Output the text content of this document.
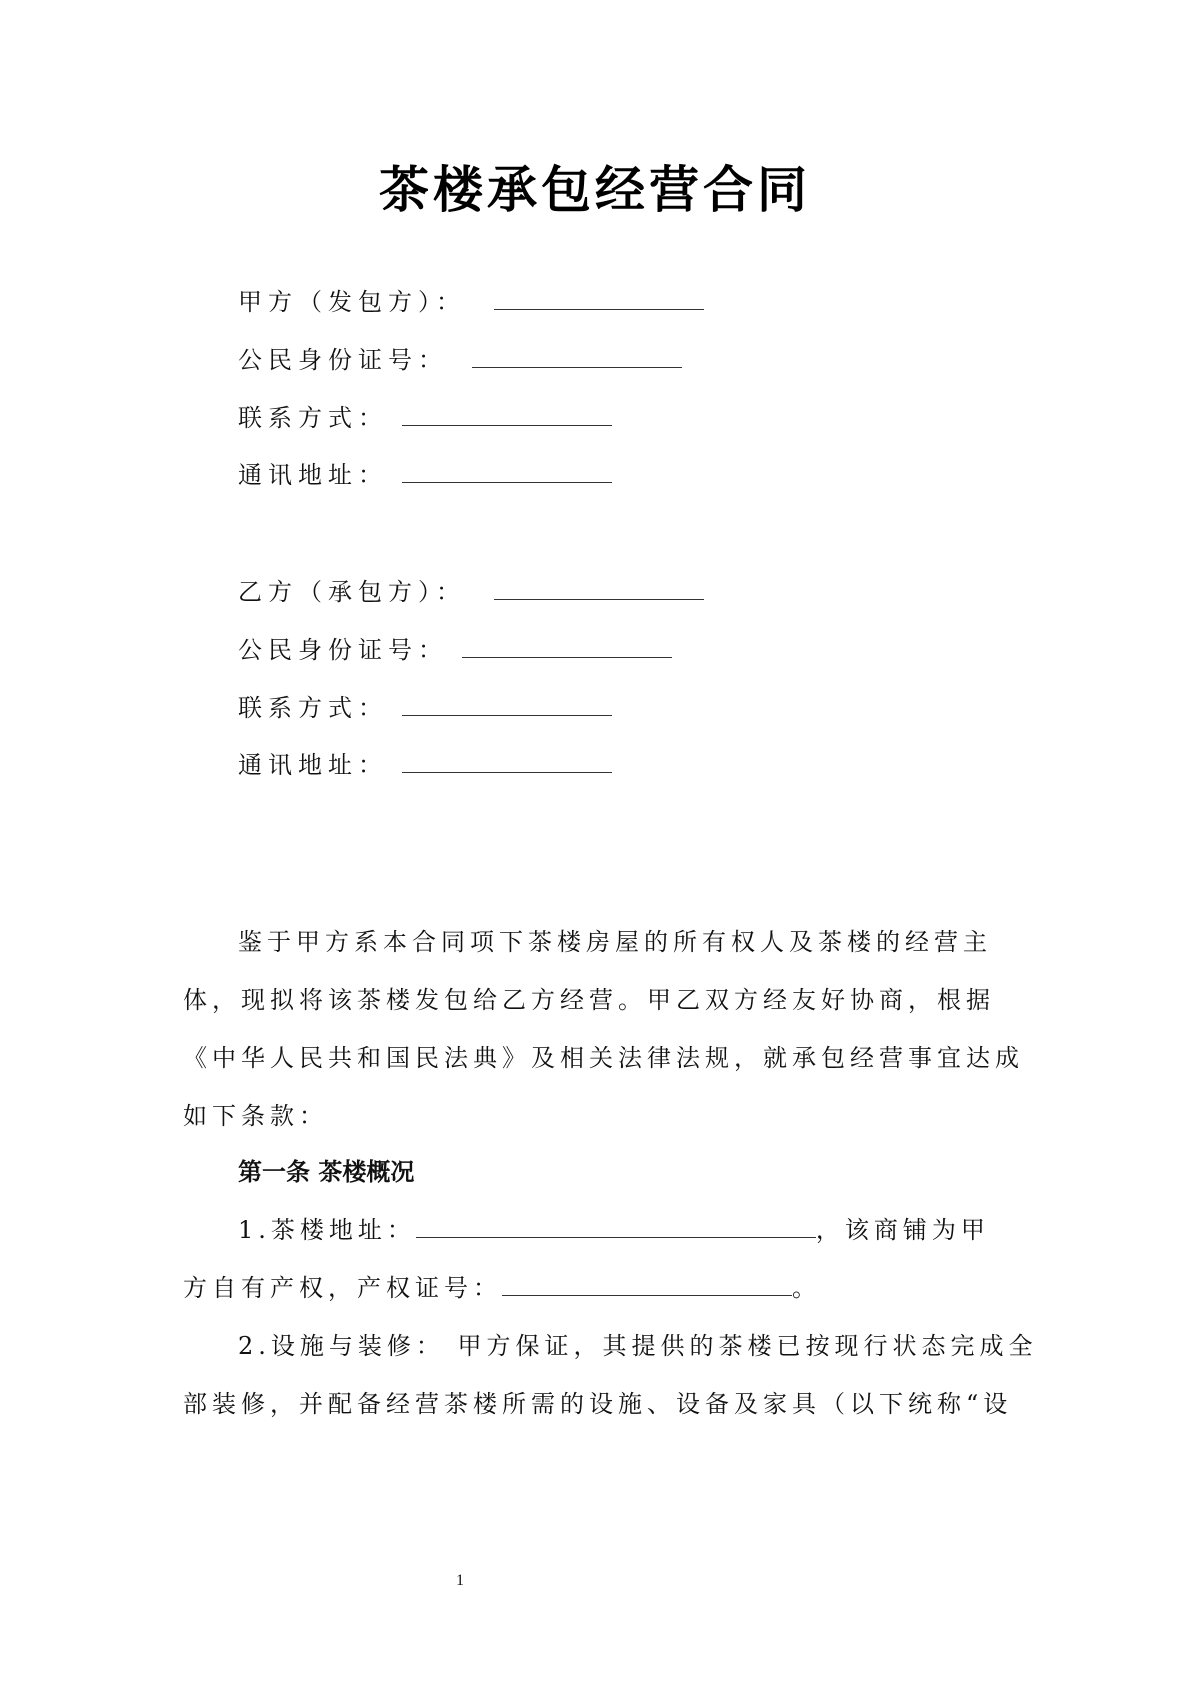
茶楼承包经营合同
甲方（发包方）：
公民身份证号：
联系方式：
通讯地址：
乙方（承包方）：
公民身份证号：
联系方式：
通讯地址：
鉴于甲方系本合同项下茶楼房屋的所有权人及茶楼的经营主
体，现拟将该茶楼发包给乙方经营。甲乙双方经友好协商，根据
《中华人民共和国民法典》及相关法律法规，就承包经营事宜达成
如下条款：
第一条 茶楼概况
1.茶楼地址：	，该商铺为甲
方自有产权，产权证号：	。
2.设施与装修： 甲方保证，其提供的茶楼已按现行状态完成全
部装修，并配备经营茶楼所需的设施、设备及家具（以下统称“设
1
